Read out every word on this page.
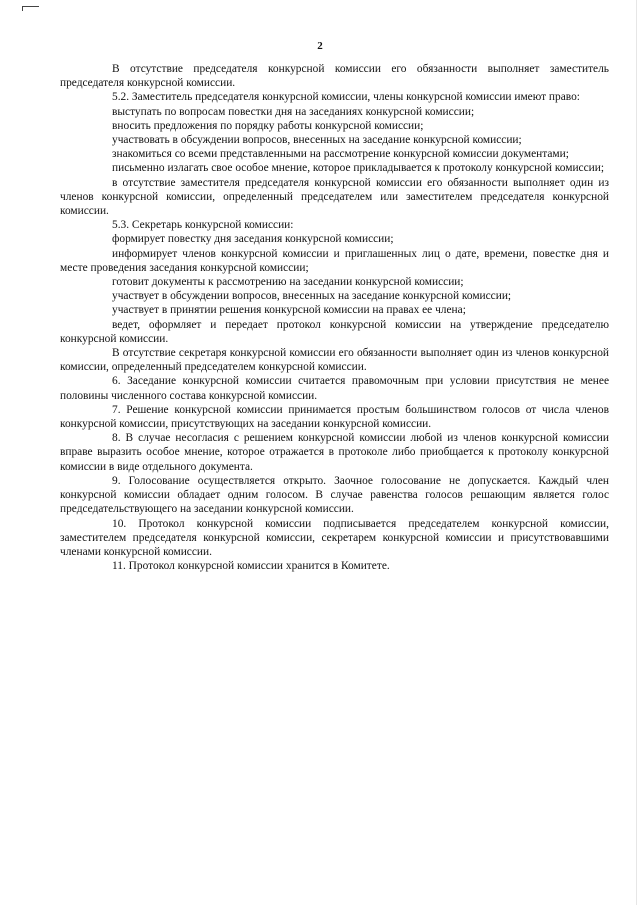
2

В отсутствие председателя конкурсной комиссии его обязанности выполняет заместитель председателя конкурсной комиссии.

5.2. Заместитель председателя конкурсной комиссии, члены конкурсной комиссии имеют право:

выступать по вопросам повестки дня на заседаниях конкурсной комиссии;

вносить предложения по порядку работы конкурсной комиссии;

участвовать в обсуждении вопросов, внесенных на заседание конкурсной комиссии;

знакомиться со всеми представленными на рассмотрение конкурсной комиссии документами;

письменно излагать свое особое мнение, которое прикладывается к протоколу конкурсной комиссии;

в отсутствие заместителя председателя конкурсной комиссии его обязанности выполняет один из членов конкурсной комиссии, определенный председателем или заместителем председателя конкурсной комиссии.

5.3. Секретарь конкурсной комиссии:

формирует повестку дня заседания конкурсной комиссии;

информирует членов конкурсной комиссии и приглашенных лиц о дате, времени, повестке дня и месте проведения заседания конкурсной комиссии;

готовит документы к рассмотрению на заседании конкурсной комиссии;

участвует в обсуждении вопросов, внесенных на заседание конкурсной комиссии;

участвует в принятии решения конкурсной комиссии на правах ее члена;

ведет, оформляет и передает протокол конкурсной комиссии на утверждение председателю конкурсной комиссии.

В отсутствие секретаря конкурсной комиссии его обязанности выполняет один из членов конкурсной комиссии, определенный председателем конкурсной комиссии.

6. Заседание конкурсной комиссии считается правомочным при условии присутствия не менее половины численного состава конкурсной комиссии.

7. Решение конкурсной комиссии принимается простым большинством голосов от числа членов конкурсной комиссии, присутствующих на заседании конкурсной комиссии.

8. В случае несогласия с решением конкурсной комиссии любой из членов конкурсной комиссии вправе выразить особое мнение, которое отражается в протоколе либо приобщается к протоколу конкурсной комиссии в виде отдельного документа.

9. Голосование осуществляется открыто. Заочное голосование не допускается. Каждый член конкурсной комиссии обладает одним голосом. В случае равенства голосов решающим является голос председательствующего на заседании конкурсной комиссии.

10. Протокол конкурсной комиссии подписывается председателем конкурсной комиссии, заместителем председателя конкурсной комиссии, секретарем конкурсной комиссии и присутствовавшими членами конкурсной комиссии.

11. Протокол конкурсной комиссии хранится в Комитете.
